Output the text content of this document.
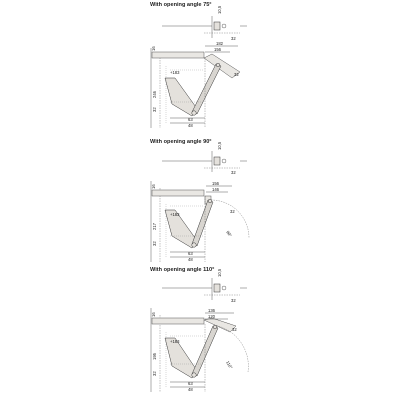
With opening angle 75°
With opening angle 90°
With opening angle 110°
10,5
32
16
182
156
32
246
+183
32
63
48
10,5
32
16
156
146
32
90°
217
+183
32
63
48
10,5
32
16
136
120
32
110°
195
+183
32
63
48
